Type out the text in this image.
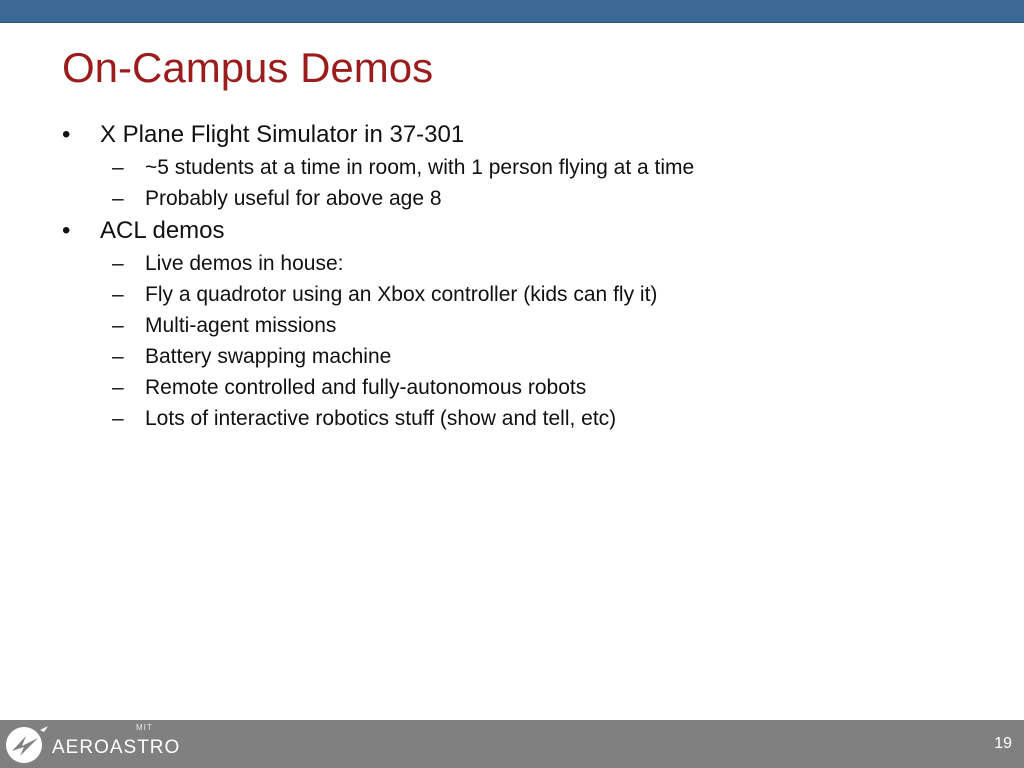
On-Campus Demos
•	X Plane Flight Simulator in 37-301
–	~5 students at a time in room, with 1 person flying at a time
–	Probably useful for above age 8
•	ACL demos
–	Live demos in house:
–	Fly a quadrotor using an Xbox controller (kids can fly it)
–	Multi-agent missions
–	Battery swapping machine
–	Remote controlled and fully-autonomous robots
–	Lots of interactive robotics stuff (show and tell, etc)
MIT
AEROASTRO	19
